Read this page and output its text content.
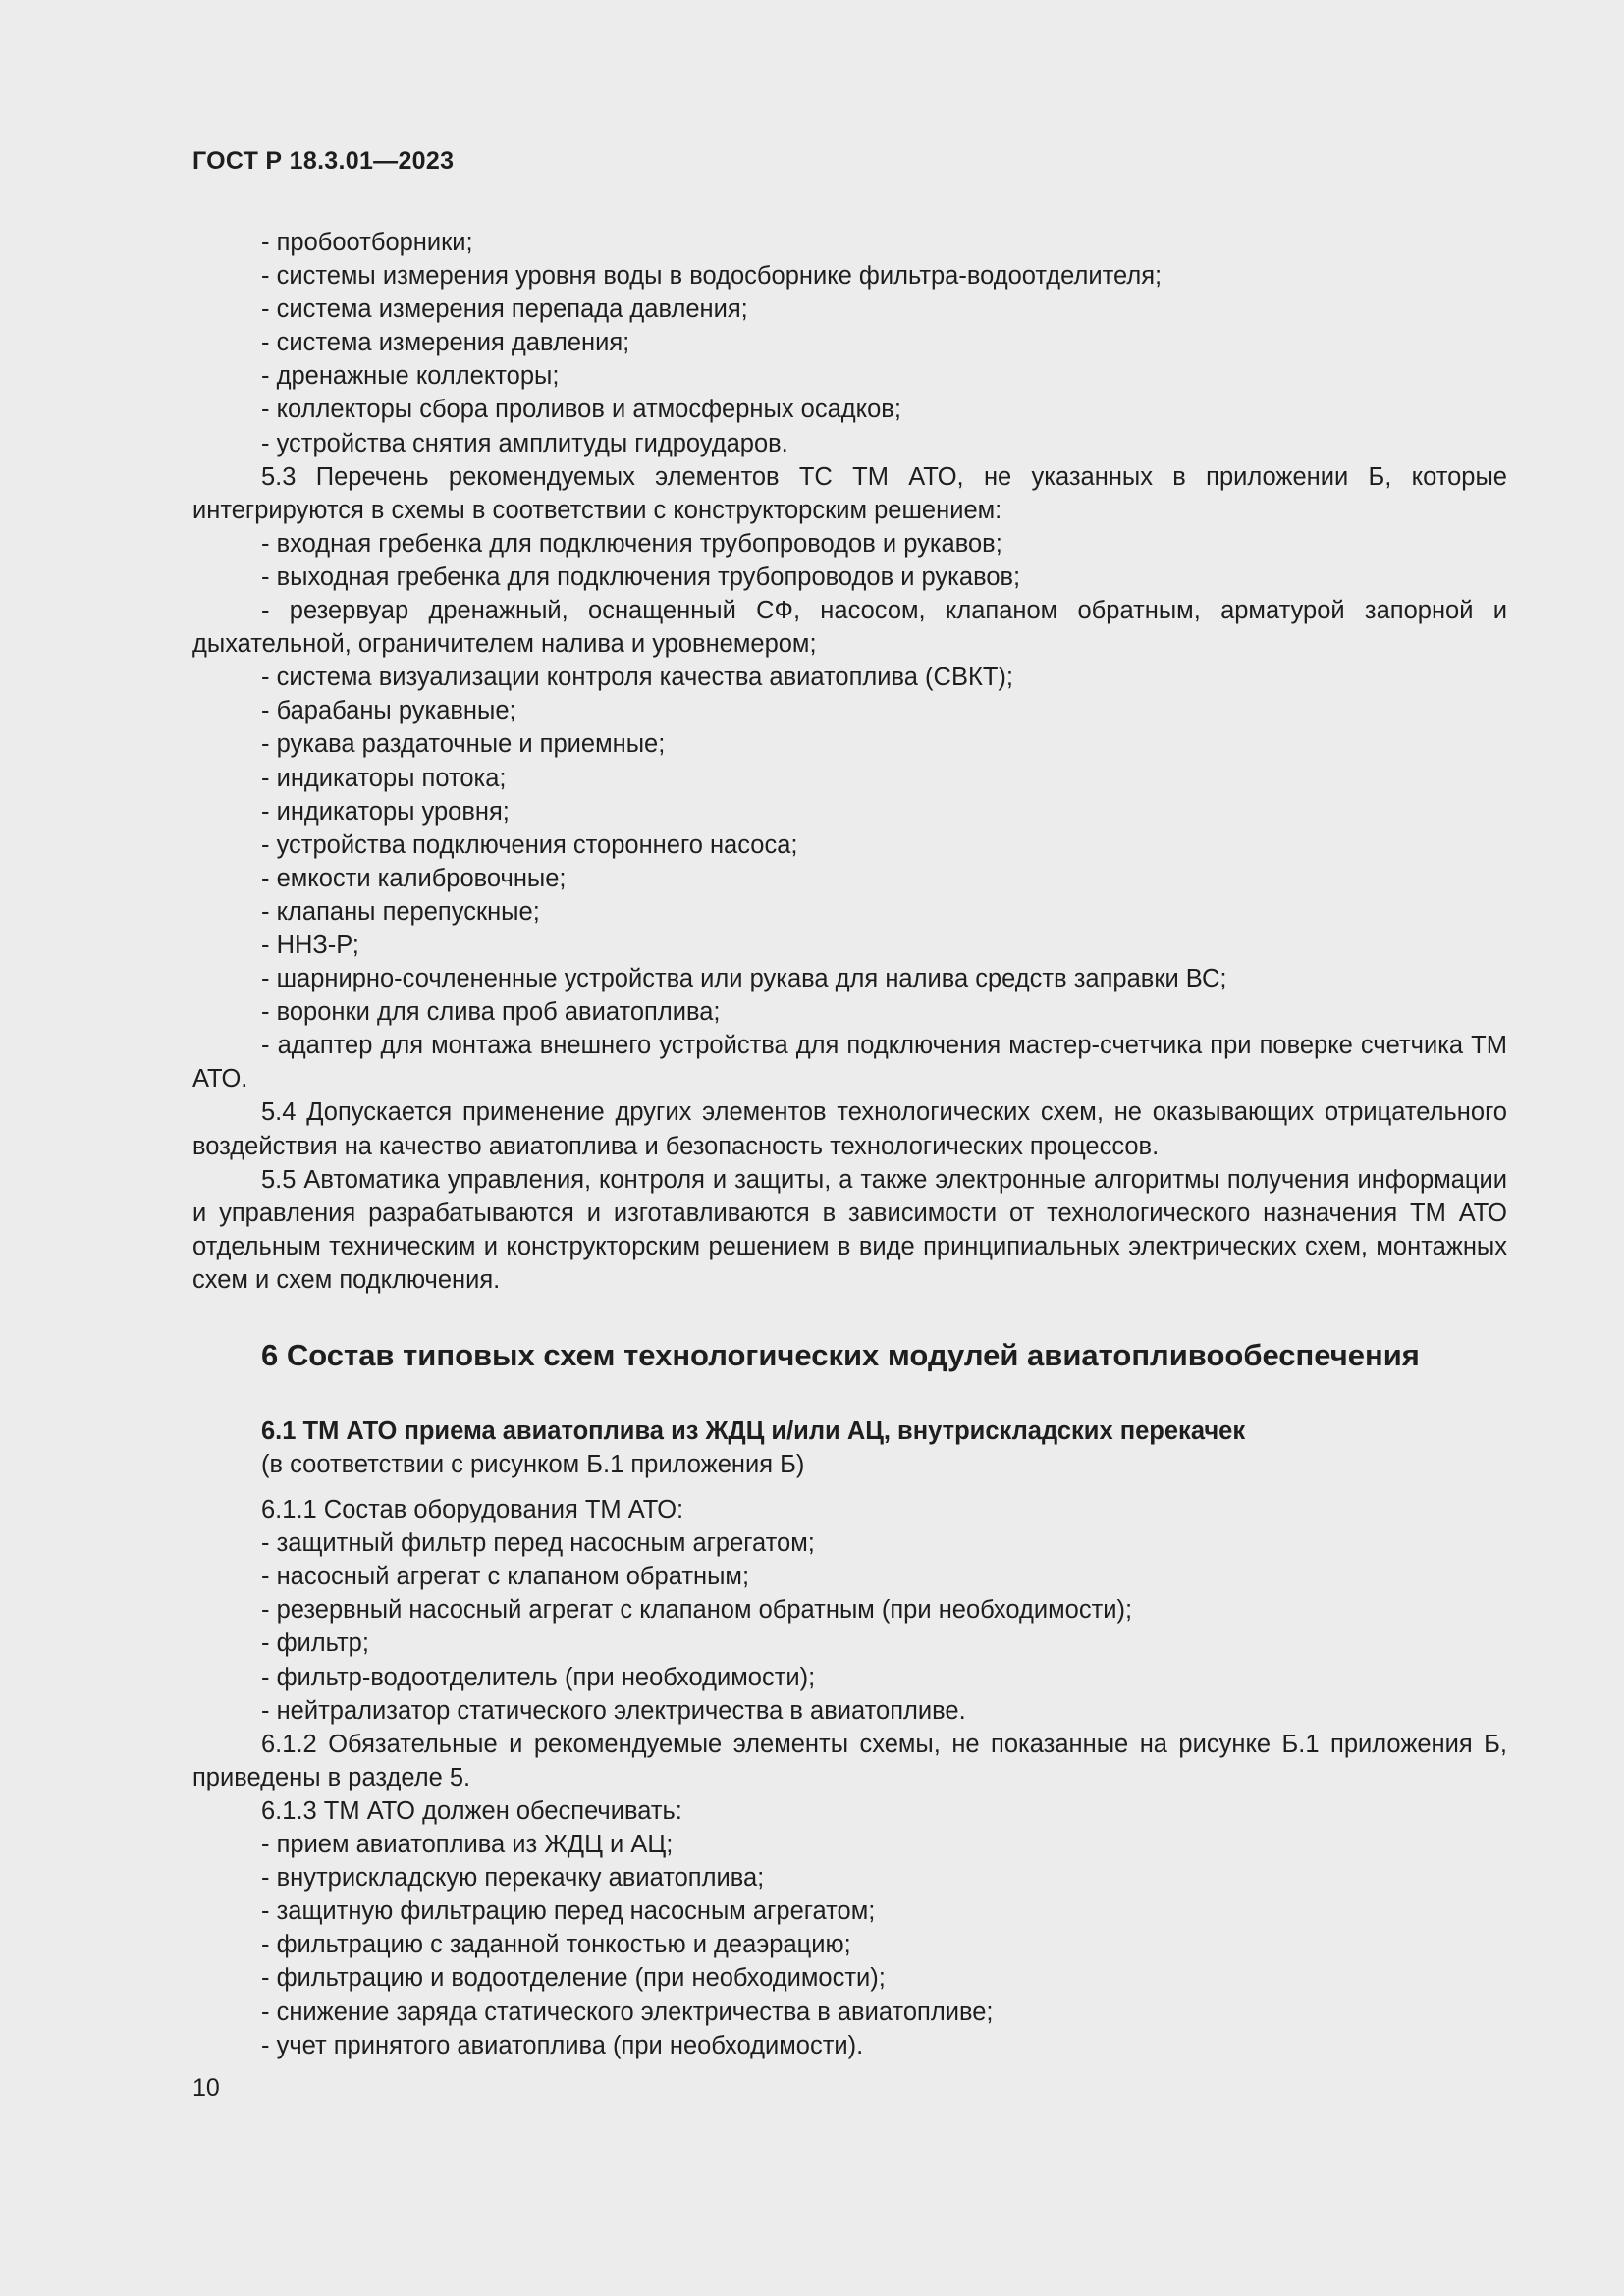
ГОСТ Р 18.3.01—2023

- пробоотборники;

- системы измерения уровня воды в водосборнике фильтра-водоотделителя;

- система измерения перепада давления;

- система измерения давления;

- дренажные коллекторы;

- коллекторы сбора проливов и атмосферных осадков;

- устройства снятия амплитуды гидроударов.

5.3 Перечень рекомендуемых элементов ТС ТМ АТО, не указанных в приложении Б, которые интегрируются в схемы в соответствии с конструкторским решением:

- входная гребенка для подключения трубопроводов и рукавов;

- выходная гребенка для подключения трубопроводов и рукавов;

- резервуар дренажный, оснащенный СФ, насосом, клапаном обратным, арматурой запорной и дыхательной, ограничителем налива и уровнемером;

- система визуализации контроля качества авиатоплива (СВКТ);

- барабаны рукавные;

- рукава раздаточные и приемные;

- индикаторы потока;

- индикаторы уровня;

- устройства подключения стороннего насоса;

- емкости калибровочные;

- клапаны перепускные;

- ННЗ-Р;

- шарнирно-сочлененные устройства или рукава для налива средств заправки ВС;

- воронки для слива проб авиатоплива;

- адаптер для монтажа внешнего устройства для подключения мастер-счетчика при поверке счетчика ТМ АТО.

5.4 Допускается применение других элементов технологических схем, не оказывающих отрицательного воздействия на качество авиатоплива и безопасность технологических процессов.

5.5 Автоматика управления, контроля и защиты, а также электронные алгоритмы получения информации и управления разрабатываются и изготавливаются в зависимости от технологического назначения ТМ АТО отдельным техническим и конструкторским решением в виде принципиальных электрических схем, монтажных схем и схем подключения.

6 Состав типовых схем технологических модулей авиатопливообеспечения
6.1 ТМ АТО приема авиатоплива из ЖДЦ и/или АЦ, внутрискладских перекачек

(в соответствии с рисунком Б.1 приложения Б)

6.1.1 Состав оборудования ТМ АТО:

- защитный фильтр перед насосным агрегатом;

- насосный агрегат с клапаном обратным;

- резервный насосный агрегат с клапаном обратным (при необходимости);

- фильтр;

- фильтр-водоотделитель (при необходимости);

- нейтрализатор статического электричества в авиатопливе.

6.1.2 Обязательные и рекомендуемые элементы схемы, не показанные на рисунке Б.1 приложения Б, приведены в разделе 5.

6.1.3 ТМ АТО должен обеспечивать:

- прием авиатоплива из ЖДЦ и АЦ;

- внутрискладскую перекачку авиатоплива;

- защитную фильтрацию перед насосным агрегатом;

- фильтрацию с заданной тонкостью и деаэрацию;

- фильтрацию и водоотделение (при необходимости);

- снижение заряда статического электричества в авиатопливе;

- учет принятого авиатоплива (при необходимости).

10
